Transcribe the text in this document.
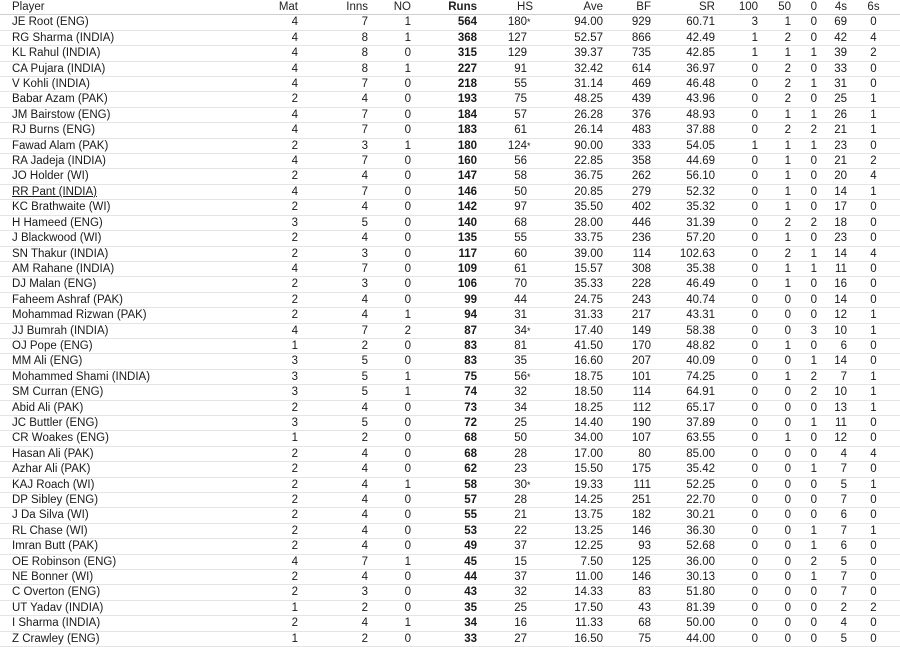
Player	Mat	Inns	NO	Runs	HS	Ave	BF	SR	100	50	0	4s	6s
JE Root (ENG)	4	7	1	564	180*	94.00	929	60.71	3	1	0	69	0
RG Sharma (INDIA)	4	8	1	368	127	52.57	866	42.49	1	2	0	42	4
KL Rahul (INDIA)	4	8	0	315	129	39.37	735	42.85	1	1	1	39	2
CA Pujara (INDIA)	4	8	1	227	91	32.42	614	36.97	0	2	0	33	0
V Kohli (INDIA)	4	7	0	218	55	31.14	469	46.48	0	2	1	31	0
Babar Azam (PAK)	2	4	0	193	75	48.25	439	43.96	0	2	0	25	1
JM Bairstow (ENG)	4	7	0	184	57	26.28	376	48.93	0	1	1	26	1
RJ Burns (ENG)	4	7	0	183	61	26.14	483	37.88	0	2	2	21	1
Fawad Alam (PAK)	2	3	1	180	124*	90.00	333	54.05	1	1	1	23	0
RA Jadeja (INDIA)	4	7	0	160	56	22.85	358	44.69	0	1	0	21	2
JO Holder (WI)	2	4	0	147	58	36.75	262	56.10	0	1	0	20	4
RR Pant (INDIA)	4	7	0	146	50	20.85	279	52.32	0	1	0	14	1
KC Brathwaite (WI)	2	4	0	142	97	35.50	402	35.32	0	1	0	17	0
H Hameed (ENG)	3	5	0	140	68	28.00	446	31.39	0	2	2	18	0
J Blackwood (WI)	2	4	0	135	55	33.75	236	57.20	0	1	0	23	0
SN Thakur (INDIA)	2	3	0	117	60	39.00	114	102.63	0	2	1	14	4
AM Rahane (INDIA)	4	7	0	109	61	15.57	308	35.38	0	1	1	11	0
DJ Malan (ENG)	2	3	0	106	70	35.33	228	46.49	0	1	0	16	0
Faheem Ashraf (PAK)	2	4	0	99	44	24.75	243	40.74	0	0	0	14	0
Mohammad Rizwan (PAK)	2	4	1	94	31	31.33	217	43.31	0	0	0	12	1
JJ Bumrah (INDIA)	4	7	2	87	34*	17.40	149	58.38	0	0	3	10	1
OJ Pope (ENG)	1	2	0	83	81	41.50	170	48.82	0	1	0	6	0
MM Ali (ENG)	3	5	0	83	35	16.60	207	40.09	0	0	1	14	0
Mohammed Shami (INDIA)	3	5	1	75	56*	18.75	101	74.25	0	1	2	7	1
SM Curran (ENG)	3	5	1	74	32	18.50	114	64.91	0	0	2	10	1
Abid Ali (PAK)	2	4	0	73	34	18.25	112	65.17	0	0	0	13	1
JC Buttler (ENG)	3	5	0	72	25	14.40	190	37.89	0	0	1	11	0
CR Woakes (ENG)	1	2	0	68	50	34.00	107	63.55	0	1	0	12	0
Hasan Ali (PAK)	2	4	0	68	28	17.00	80	85.00	0	0	0	4	4
Azhar Ali (PAK)	2	4	0	62	23	15.50	175	35.42	0	0	1	7	0
KAJ Roach (WI)	2	4	1	58	30*	19.33	111	52.25	0	0	0	5	1
DP Sibley (ENG)	2	4	0	57	28	14.25	251	22.70	0	0	0	7	0
J Da Silva (WI)	2	4	0	55	21	13.75	182	30.21	0	0	0	6	0
RL Chase (WI)	2	4	0	53	22	13.25	146	36.30	0	0	1	7	1
Imran Butt (PAK)	2	4	0	49	37	12.25	93	52.68	0	0	1	6	0
OE Robinson (ENG)	4	7	1	45	15	7.50	125	36.00	0	0	2	5	0
NE Bonner (WI)	2	4	0	44	37	11.00	146	30.13	0	0	1	7	0
C Overton (ENG)	2	3	0	43	32	14.33	83	51.80	0	0	0	7	0
UT Yadav (INDIA)	1	2	0	35	25	17.50	43	81.39	0	0	0	2	2
I Sharma (INDIA)	2	4	1	34	16	11.33	68	50.00	0	0	0	4	0
Z Crawley (ENG)	1	2	0	33	27	16.50	75	44.00	0	0	0	5	0
